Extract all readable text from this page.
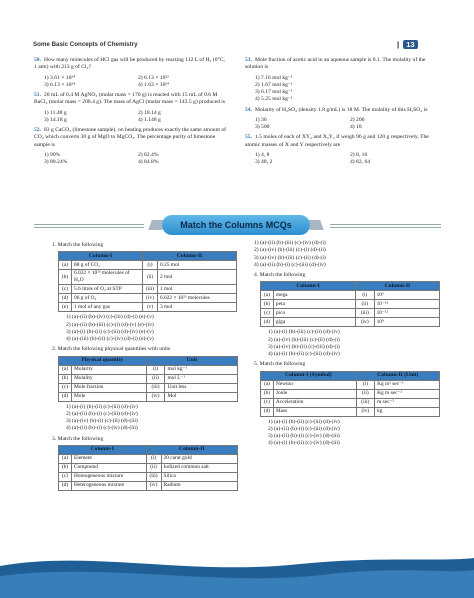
Some Basic Concepts of Chemistry	| 13
50. How many molecules of HCl gas will be produced by reacting 112 L of H₂ (0°C, 1 atm) with 213 g of Cl₂?
1) 3.61 × 10²⁴	2) 6.13 × 10²²
3) 6.13 × 10²⁴	4) 1.63 × 10²⁴
51. 20 mL of 0.4 M AgNO₃ (molar mass = 170 g) is reacted with 15 mL of 0.6 M BaCl₂ (molar mass = 208.4 g). The mass of AgCl (molar mass = 143.5 g) produced is
1) 11.48 g	2) 18.14 g
3) 14.18 g	4) 1.148 g
52. 83 g CaCO₃ (limestone sample), on heating produces exactly the same amount of CO₂ which converts 30 g of MgO to MgCO₃. The percentage purity of limestone sample is
1) 90%	2) 82.4%
3) 88.24%	4) 84.8%
53. Mole fraction of acetic acid in an aqueous sample is 0.1. The molality of the solution is
1) 7.16 mol kg⁻¹
2) 1.67 mol kg⁻¹
3) 6.17 mol kg⁻¹
4) 5.25 mol kg⁻¹
54. Molarity of H₂SO₄ (density 1.8 g/mL) is 18 M. The molality of this H₂SO₄ is
1) 36	2) 200
3) 500	4) 18
55. 1.5 moles of each of XY₂ and X₃Y₂ if weigh 96 g and 120 g respectively. The atomic masses of X and Y respectively are
1) 4, 8	2) 8, 16
3) 48, 2	4) 82, 64
Match the Columns MCQs
1. Match the following
Column-I		Column-II	
(a)	88 g of CO₂	(i)	0.25 mol
(b)	6.022 × 10²³ molecules of H₂O	(ii)	2 mol
(c)	5.6 litres of O₂ at STP	(iii)	1 mol
(d)	96 g of O₂	(iv)	6.022 × 10²³ molecules
(e)	1 mol of any gas	(v)	3 mol
1) (a)-(ii) (b)-(iv) (c)-(iii) (d)-(i) (e)-(v)
2) (a)-(ii) (b)-(iii) (c)-(i) (d)-(v) (e)-(iv)
3) (a)-(i) (b)-(ii) (c)-(iii) (d)-(iv) (e)-(v)
4) (a)-(iii) (b)-(ii) (c)-(iv) (d)-(i) (e)-(v)
2. Match the following physical quantities with units
Physical quantity		Unit	
(a)	Molarity	(i)	mol kg⁻¹
(b)	Molality	(ii)	mol L⁻¹
(c)	Mole fraction	(iii)	Unit less
(d)	Mole	(iv)	Mol
1) (a)-(i) (b)-(ii) (c)-(iii) (d)-(iv)
2) (a)-(ii) (b)-(i) (c)-(iii) (d)-(iv)
3) (a)-(iv) (b)-(i) (c)-(ii) (d)-(iii)
4) (a)-(ii) (b)-(i) (c)-(iv) (d)-(iii)
3. Match the following
Column-I		Column-II	
(a)	Element	(i)	20 carat gold
(b)	Compound	(ii)	Iodized common salt
(c)	Homogeneous mixture	(iii)	Silica
(d)	Heterogeneous mixture	(iv)	Radium
1) (a)-(ii) (b)-(iii) (c)-(iv) (d)-(i)
2) (a)-(iv) (b)-(iii) (c)-(i) (d)-(ii)
3) (a)-(iv) (b)-(iii) (c)-(ii) (d)-(i)
4) (a)-(ii) (b)-(i) (c)-(iii) (d)-(iv)
4. Match the following
Column-I		Column-II	
(a)	mega	(i)	10⁶
(b)	peta	(ii)	10⁻¹⁵
(c)	pico	(iii)	10⁻¹²
(d)	giga	(iv)	10⁹
1) (a)-(i) (b)-(iii) (c)-(ii) (d)-(iv)
2) (a)-(iv) (b)-(iii) (c)-(ii) (d)-(i)
3) (a)-(iv) (b)-(ii) (c)-(iii) (d)-(i)
4) (a)-(i) (b)-(ii) (c)-(iii) (d)-(iv)
5. Match the following
Column-I (Symbol)		Column-II (Unit)	
(a)	Newton	(i)	Kg m² sec⁻²
(b)	Joule	(ii)	Kg m sec⁻²
(c)	Acceleration	(iii)	m sec⁻²
(d)	Mass	(iv)	kg
1) (a)-(i) (b)-(ii) (c)-(iii) (d)-(iv)
2) (a)-(ii) (b)-(i) (c)-(iii) (d)-(iv)
3) (a)-(ii) (b)-(i) (c)-(iv) (d)-(iii)
4) (a)-(i) (b)-(ii) (c)-(iv) (d)-(iii)
